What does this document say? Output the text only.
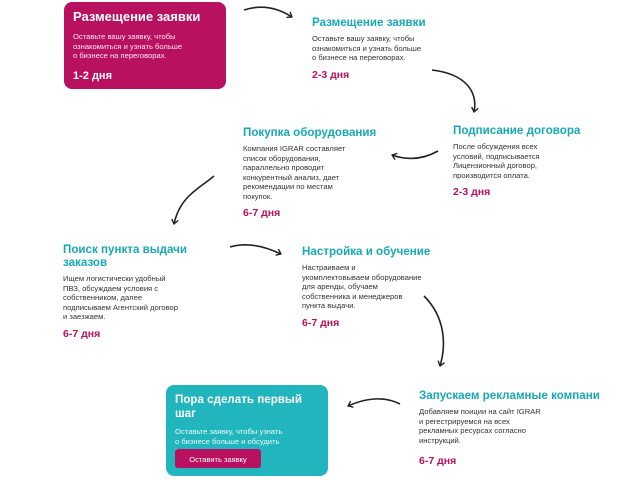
Размещение заявки
Оставьте вашу заявку, чтобы
ознакомиться и узнать больше
о бизнесе на переговорах.
1-2 дня
Размещение заявки
Оставьте вашу заявку, чтобы
ознакомиться и узнать больше
о бизнесе на переговорах.
2-3 дня
Подписание договора
После обсуждения всех
условий, подписывается
Лицензионный договор,
производится оплата.
2-3 дня
Покупка оборудования
Компания IGRAR составляет
список оборудования,
параллельно проводит
конкурентный анализ, дает
рекомендации по местам
покупок.
6-7 дня
Поиск пункта выдачи
заказов
Ищем логистически удобный
ПВЗ, обсуждаем условия с
собственником, далее
подписываем Агентский договор
и заезжаем.
6-7 дня
Настройка и обучение
Настраиваем и
укомплектовываем оборудование
для аренды, обучаем
собственника и менеджеров
пункта выдачи.
6-7 дня
Запускаем рекламные компани
Добавляем поиции на сайт IGRAR
и регестрируемся на всех
рекламных ресурсах согласно
инструкций.
6-7 дня
Пора сделать первый шаг
Оставьте заявку, чтобы узнать
о бизнесе больше и обсудить

Оставить заявку
